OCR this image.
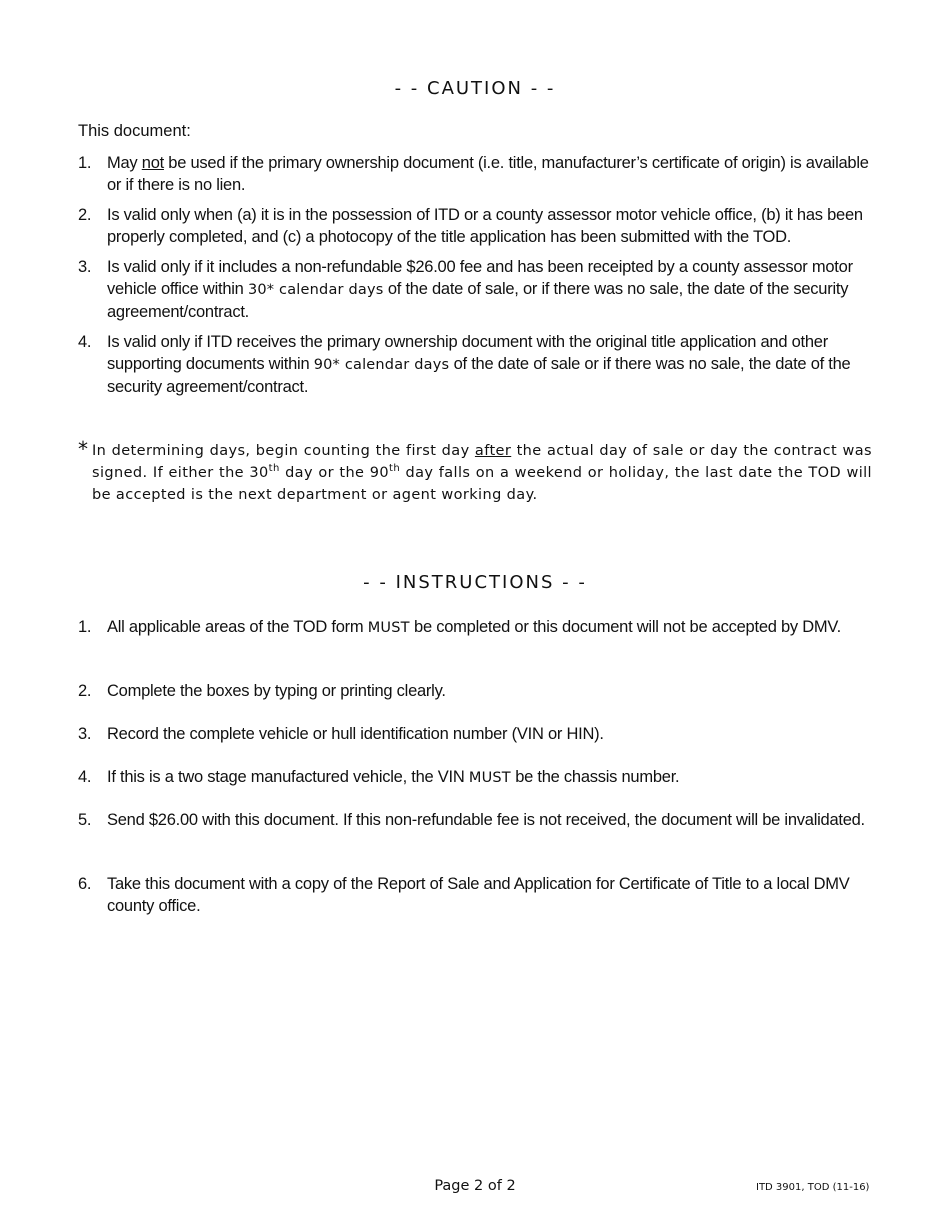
- - CAUTION - -
This document:
1. May not be used if the primary ownership document (i.e. title, manufacturer’s certificate of origin) is available or if there is no lien.
2. Is valid only when (a) it is in the possession of ITD or a county assessor motor vehicle office, (b) it has been properly completed, and (c) a photocopy of the title application has been submitted with the TOD.
3. Is valid only if it includes a non-refundable $26.00 fee and has been receipted by a county assessor motor vehicle office within 30* calendar days of the date of sale, or if there was no sale, the date of the security agreement/contract.
4. Is valid only if ITD receives the primary ownership document with the original title application and other supporting documents within 90* calendar days of the date of sale or if there was no sale, the date of the security agreement/contract.
* In determining days, begin counting the first day after the actual day of sale or day the contract was signed. If either the 30th day or the 90th day falls on a weekend or holiday, the last date the TOD will be accepted is the next department or agent working day.
- - INSTRUCTIONS - -
1. All applicable areas of the TOD form MUST be completed or this document will not be accepted by DMV.
2. Complete the boxes by typing or printing clearly.
3. Record the complete vehicle or hull identification number (VIN or HIN).
4. If this is a two stage manufactured vehicle, the VIN MUST be the chassis number.
5. Send $26.00 with this document. If this non-refundable fee is not received, the document will be invalidated.
6. Take this document with a copy of the Report of Sale and Application for Certificate of Title to a local DMV county office.
Page 2 of 2	ITD 3901, TOD (11-16)
